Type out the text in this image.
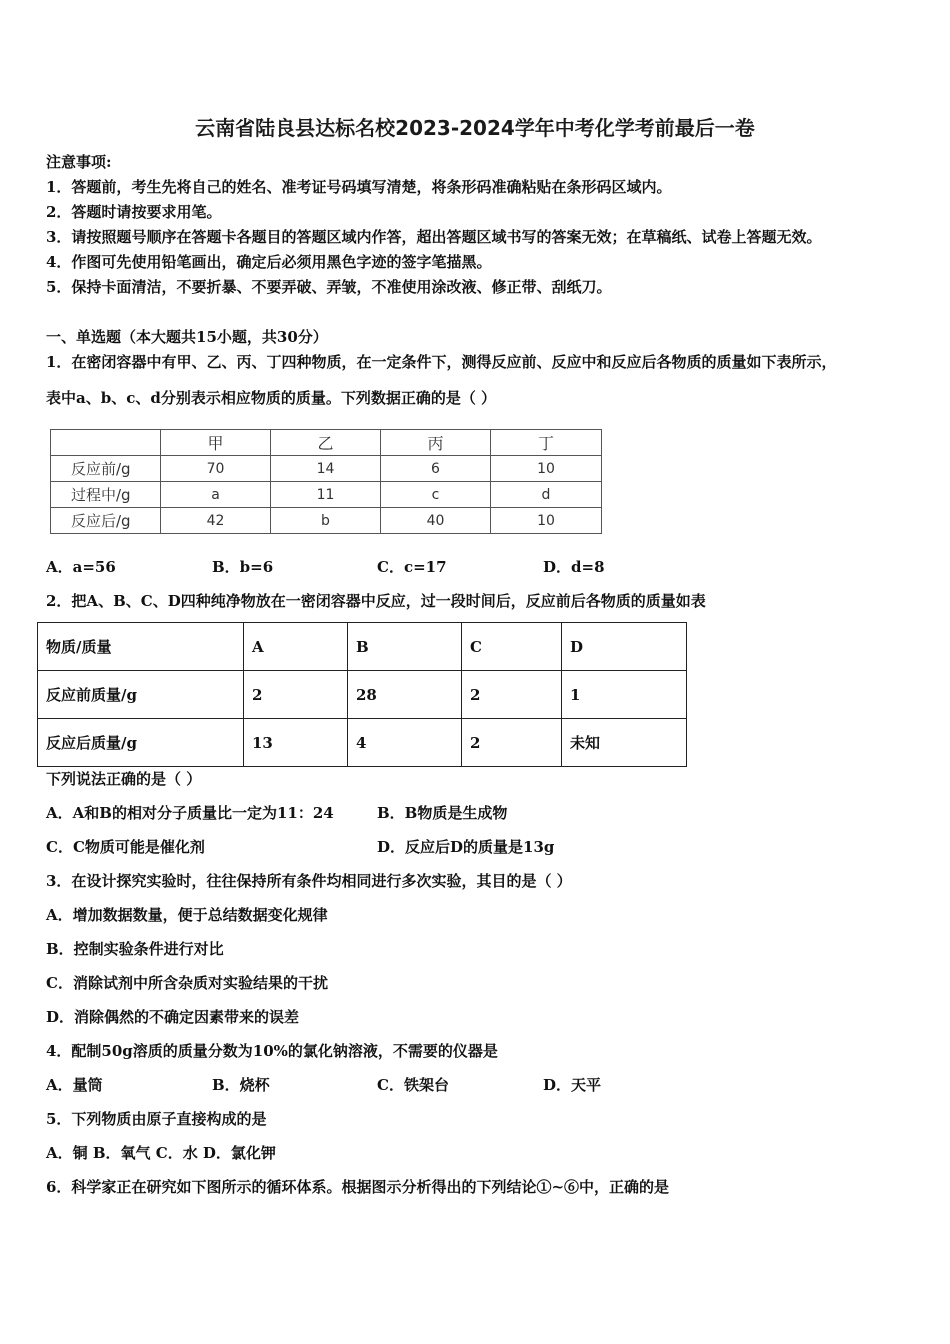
云南省陆良县达标名校2023-2024学年中考化学考前最后一卷
注意事项:
1．答题前，考生先将自己的姓名、准考证号码填写清楚，将条形码准确粘贴在条形码区域内。
2．答题时请按要求用笔。
3．请按照题号顺序在答题卡各题目的答题区域内作答，超出答题区域书写的答案无效；在草稿纸、试卷上答题无效。
4．作图可先使用铅笔画出，确定后必须用黑色字迹的签字笔描黑。
5．保持卡面清洁，不要折暴、不要弄破、弄皱，不准使用涂改液、修正带、刮纸刀。
一、单选题（本大题共15小题，共30分）
1．在密闭容器中有甲、乙、丙、丁四种物质，在一定条件下，测得反应前、反应中和反应后各物质的质量如下表所示，
表中a、b、c、d分别表示相应物质的质量。下列数据正确的是（ ）
	甲	乙	丙	丁
反应前/g	70	14	6	10
过程中/g	a	11	c	d
反应后/g	42	b	40	10
A．a=56	B．b=6	C．c=17	D．d=8
2．把A、B、C、D四种纯净物放在一密闭容器中反应，过一段时间后，反应前后各物质的质量如表
物质/质量	A	B	C	D
反应前质量/g	2	28	2	1
反应后质量/g	13	4	2	未知
下列说法正确的是（ ）
A．A和B的相对分子质量比一定为11：24	B．B物质是生成物
C．C物质可能是催化剂	D．反应后D的质量是13g
3．在设计探究实验时，往往保持所有条件均相同进行多次实验，其目的是（ ）
A．增加数据数量，便于总结数据变化规律
B．控制实验条件进行对比
C．消除试剂中所含杂质对实验结果的干扰
D．消除偶然的不确定因素带来的误差
4．配制50g溶质的质量分数为10%的氯化钠溶液，不需要的仪器是
A．量筒	B．烧杯	C．铁架台	D．天平
5．下列物质由原子直接构成的是
A．铜 B．氧气 C．水 D．氯化钾
6．科学家正在研究如下图所示的循环体系。根据图示分析得出的下列结论①~⑥中，正确的是
